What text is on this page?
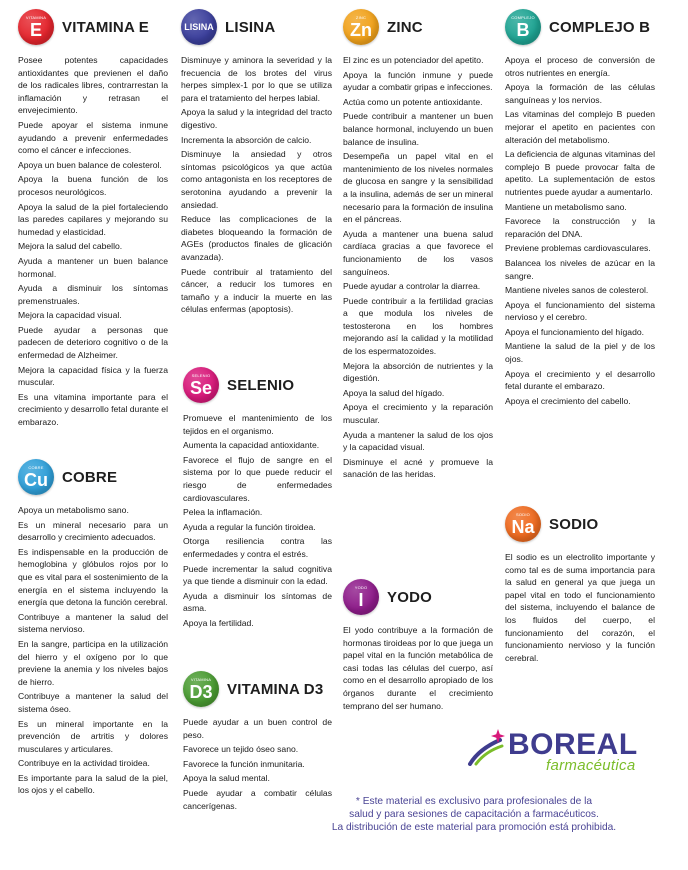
VITAMINA
E VITAMINA E

Posee potentes capacidades antioxidantes que previenen el daño de los radicales libres, contrarrestan la inflamación y retrasan el envejecimiento.

Puede apoyar el sistema inmune ayudando a prevenir enfermedades como el cáncer e infecciones.

Apoya un buen balance de colesterol.

Apoya la buena función de los procesos neurológicos.

Apoya la salud de la piel fortaleciendo las paredes capilares y mejorando su humedad y elasticidad.

Mejora la salud del cabello.

Ayuda a mantener un buen balance hormonal.

Ayuda a disminuir los síntomas premenstruales.

Mejora la capacidad visual.

Puede ayudar a personas que padecen de deterioro cognitivo o de la enfermedad de Alzheimer.

Mejora la capacidad física y la fuerza muscular.

Es una vitamina importante para el crecimiento y desarrollo fetal durante el embarazo.

COBRE
Cu COBRE

Apoya un metabolismo sano.

Es un mineral necesario para un desarrollo y crecimiento adecuados.

Es indispensable en la producción de hemoglobina y glóbulos rojos por lo que es vital para el sostenimiento de la energía en el sistema incluyendo la energía que detona la función cerebral.

Contribuye a mantener la salud del sistema nervioso.

En la sangre, participa en la utilización del hierro y el oxígeno por lo que previene la anemia y los niveles bajos de hierro.

Contribuye a mantener la salud del sistema óseo.

Es un mineral importante en la prevención de artritis y dolores musculares y articulares.

Contribuye en la actividad tiroidea.

Es importante para la salud de la piel, los ojos y el cabello.

LISINA LISINA

Disminuye y aminora la severidad y la frecuencia de los brotes del virus herpes simplex-1 por lo que se utiliza para el tratamiento del herpes labial.

Apoya la salud y la integridad del tracto digestivo.

Incrementa la absorción de calcio.

Disminuye la ansiedad y otros síntomas psicológicos ya que actúa como antagonista en los receptores de serotonina ayudando a prevenir la ansiedad.

Reduce las complicaciones de la diabetes bloqueando la formación de AGEs (productos finales de glicación avanzada).

Puede contribuir al tratamiento del cáncer, a reducir los tumores en tamaño y a inducir la muerte en las células enfermas (apoptosis).

SELENIO
Se SELENIO

Promueve el mantenimiento de los tejidos en el organismo.

Aumenta la capacidad antioxidante.

Favorece el flujo de sangre en el sistema por lo que puede reducir el riesgo de enfermedades cardiovasculares.

Pelea la inflamación.

Ayuda a regular la función tiroidea.

Otorga resiliencia contra las enfermedades y contra el estrés.

Puede incrementar la salud cognitiva ya que tiende a disminuir con la edad.

Ayuda a disminuir los síntomas de asma.

Apoya la fertilidad.

VITAMINA
D3 VITAMINA D3

Puede ayudar a un buen control de peso.

Favorece un tejido óseo sano.

Favorece la función inmunitaria.

Apoya la salud mental.

Puede ayudar a combatir células cancerígenas.

ZINC
Zn ZINC

El zinc es un potenciador del apetito.

Apoya la función inmune y puede ayudar a combatir gripas e infecciones.

Actúa como un potente antioxidante.

Puede contribuir a mantener un buen balance hormonal, incluyendo un buen balance de insulina.

Desempeña un papel vital en el mantenimiento de los niveles normales de glucosa en sangre y la sensibilidad a la insulina, además de ser un mineral necesario para la formación de insulina en el páncreas.

Ayuda a mantener una buena salud cardíaca gracias a que favorece el funcionamiento de los vasos sanguíneos.

Puede ayudar a controlar la diarrea.

Puede contribuir a la fertilidad gracias a que modula los niveles de testosterona en los hombres mejorando así la calidad y la motilidad de los espermatozoides.

Mejora la absorción de nutrientes y la digestión.

Apoya la salud del hígado.

Apoya el crecimiento y la reparación muscular.

Ayuda a mantener la salud de los ojos y la capacidad visual.

Disminuye el acné y promueve la sanación de las heridas.

YODO
I YODO

El yodo contribuye a la formación de hormonas tiroideas por lo que juega un papel vital en la función metabólica de casi todas las células del cuerpo, así como en el desarrollo apropiado de los órganos durante el crecimiento temprano del ser humano.

COMPLEJO
B COMPLEJO B

Apoya el proceso de conversión de otros nutrientes en energía.

Apoya la formación de las células sanguíneas y los nervios.

Las vitaminas del complejo B pueden mejorar el apetito en pacientes con alteración del metabolismo.

La deficiencia de algunas vitaminas del complejo B puede provocar falta de apetito. La suplementación de estos nutrientes puede ayudar a aumentarlo.

Mantiene un metabolismo sano.

Favorece la construcción y la reparación del DNA.

Previene problemas cardiovasculares.

Balancea los niveles de azúcar en la sangre.

Mantiene niveles sanos de colesterol.

Apoya el funcionamiento del sistema nervioso y el cerebro.

Apoya el funcionamiento del hígado.

Mantiene la salud de la piel y de los ojos.

Apoya el crecimiento y el desarrollo fetal durante el embarazo.

Apoya el crecimiento del cabello.

SODIO
Na SODIO

El sodio es un electrolito importante y como tal es de suma importancia para la salud en general ya que juega un papel vital en todo el funcionamiento del sistema, incluyendo el balance de los fluidos del cuerpo, el funcionamiento del corazón, el funcionamiento nervioso y la función cerebral.

BOREAL
farmacéutica
* Este material es exclusivo para profesionales de la
salud y para sesiones de capacitación a farmacéuticos.
La distribución de este material para promoción está prohibida.
